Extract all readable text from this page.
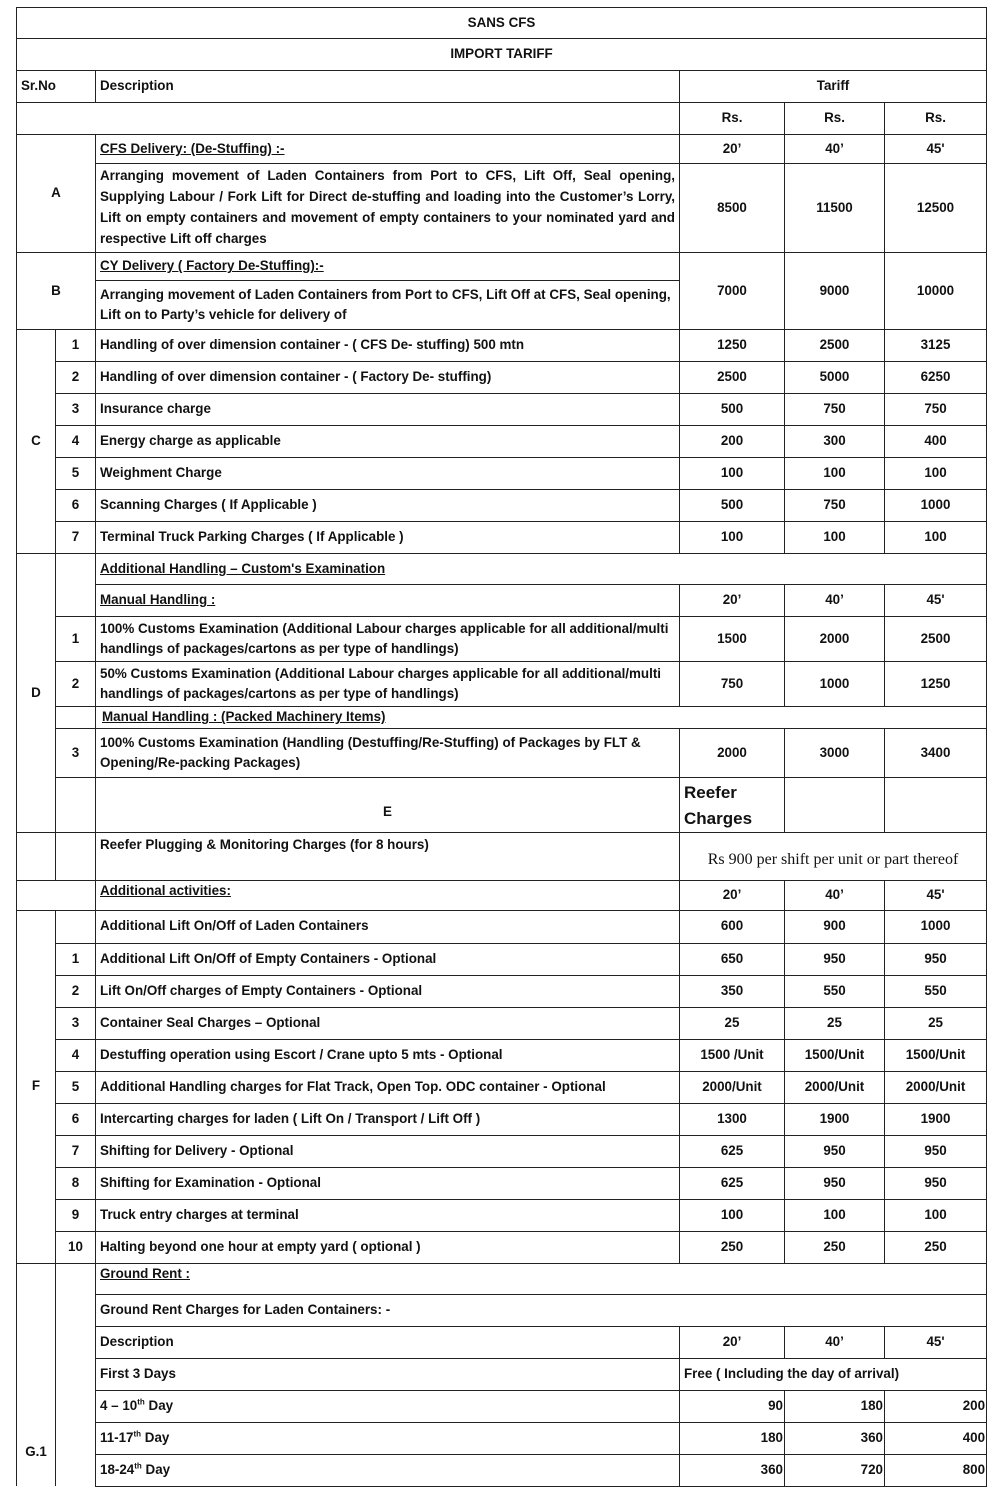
SANS CFS						
IMPORT TARIFF						
Sr.No		Description	Tariff			
			Rs.	Rs.	Rs.	
A		CFS Delivery: (De-Stuffing) :-	20’	40’	45'	
		Arranging movement of Laden Containers from Port to CFS, Lift Off, Seal opening, Supplying Labour / Fork Lift for Direct de-stuffing and loading into the Customer’s Lorry, Lift on empty containers and movement of empty containers to your nominated yard and respective Lift off charges	8500	11500	12500	
B		CY Delivery ( Factory De-Stuffing):-	7000	9000	10000	
		Arranging movement of Laden Containers from Port to CFS, Lift Off at CFS, Seal opening, Lift on to Party’s vehicle for delivery of				
C	1	Handling of over dimension container - ( CFS De- stuffing) 500 mtn	1250	2500	3125	
	2	Handling of over dimension container - ( Factory De- stuffing)	2500	5000	6250	
	3	Insurance charge	500	750	750	
	4	Energy charge as applicable	200	300	400	
	5	Weighment Charge	100	100	100	
	6	Scanning Charges ( If Applicable )	500	750	1000	
	7	Terminal Truck Parking Charges ( If Applicable )	100	100	100	
D		Additional Handling – Custom's Examination				
		Manual Handling :	20’	40’	45'	
	1	100% Customs Examination (Additional Labour charges applicable for all additional/multi handlings of packages/cartons as per type of handlings)	1500	2000	2500	
	2	50% Customs Examination (Additional Labour charges applicable for all additional/multi handlings of packages/cartons as per type of handlings)	750	1000	1250	
		Manual Handling : (Packed Machinery Items)				
	3	100% Customs Examination (Handling (Destuffing/Re-Stuffing) of Packages by FLT & Opening/Re-packing Packages)	2000	3000	3400	
		E	Reefer Charges			
		Reefer Plugging & Monitoring Charges (for 8 hours)	Rs 900 per shift per unit or part thereof			
		Additional activities:	20’	40’	45'	
F		Additional Lift On/Off of Laden Containers	600	900	1000	
	1	Additional Lift On/Off of Empty Containers - Optional	650	950	950	
	2	Lift On/Off charges of Empty Containers - Optional	350	550	550	
	3	Container Seal Charges – Optional	25	25	25	
	4	Destuffing operation using Escort / Crane upto 5 mts - Optional	1500 /Unit	1500/Unit	1500/Unit	
	5	Additional Handling charges for Flat Track, Open Top. ODC container - Optional	2000/Unit	2000/Unit	2000/Unit	
	6	Intercarting charges for laden ( Lift On / Transport / Lift Off )	1300	1900	1900	
	7	Shifting for Delivery - Optional	625	950	950	
	8	Shifting for Examination - Optional	625	950	950	
	9	Truck entry charges at terminal	100	100	100	
	10	Halting beyond one hour at empty yard ( optional )	250	250	250	
G.1		Ground Rent :				
		Ground Rent Charges for Laden Containers: -				
		Description	20’	40’	45'	
		First 3 Days	Free ( Including the day of arrival)			
		4 – 10th Day	90	180	200	
		11-17th Day	180	360	400	
		18-24th Day	360	720	800	
